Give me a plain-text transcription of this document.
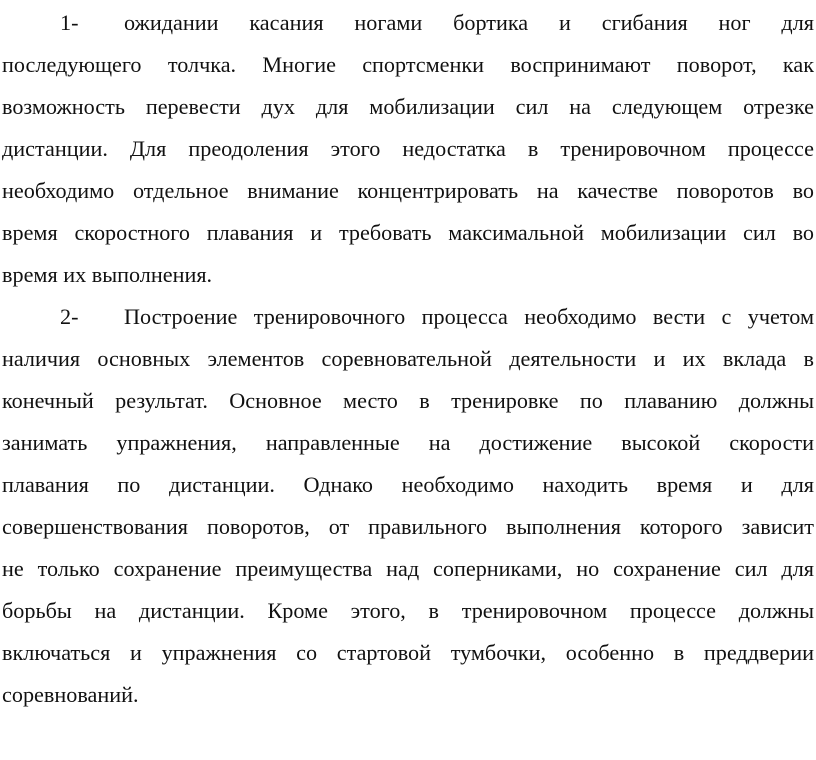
1- ожидании касания ногами бортика и сгибания ног для
последующего толчка. Многие спортсменки воспринимают поворот, как
возможность перевести дух для мобилизации сил на следующем отрезке
дистанции. Для преодоления этого недостатка в тренировочном процессе
необходимо отдельное внимание концентрировать на качестве поворотов во
время скоростного плавания и требовать максимальной мобилизации сил во
время их выполнения.
2- Построение тренировочного процесса необходимо вести с учетом
наличия основных элементов соревновательной деятельности и их вклада в
конечный результат. Основное место в тренировке по плаванию должны
занимать упражнения, направленные на достижение высокой скорости
плавания по дистанции. Однако необходимо находить время и для
совершенствования поворотов, от правильного выполнения которого зависит
не только сохранение преимущества над соперниками, но сохранение сил для
борьбы на дистанции. Кроме этого, в тренировочном процессе должны
включаться и упражнения со стартовой тумбочки, особенно в преддверии
соревнований.
